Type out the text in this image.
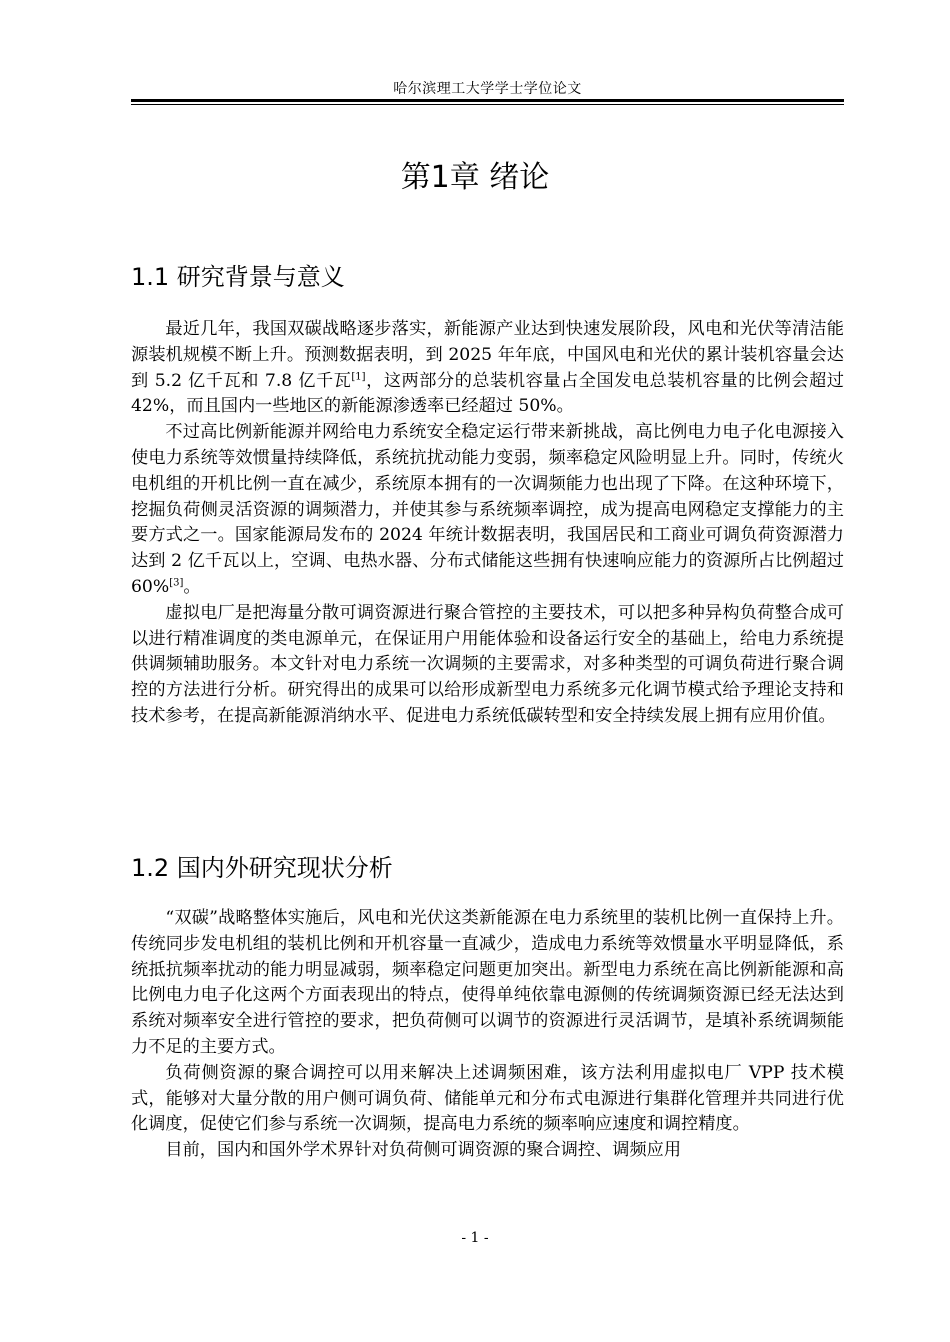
哈尔滨理工大学学士学位论文
第1章 绪论
1.1 研究背景与意义

最近几年，我国双碳战略逐步落实，新能源产业达到快速发展阶段，风电和光伏等清洁能源装机规模不断上升。预测数据表明，到 2025 年年底，中国风电和光伏的累计装机容量会达到 5.2 亿千瓦和 7.8 亿千瓦[1]，这两部分的总装机容量占全国发电总装机容量的比例会超过 42%，而且国内一些地区的新能源渗透率已经超过 50%。

不过高比例新能源并网给电力系统安全稳定运行带来新挑战，高比例电力电子化电源接入使电力系统等效惯量持续降低，系统抗扰动能力变弱，频率稳定风险明显上升。同时，传统火电机组的开机比例一直在减少，系统原本拥有的一次调频能力也出现了下降。在这种环境下，挖掘负荷侧灵活资源的调频潜力，并使其参与系统频率调控，成为提高电网稳定支撑能力的主要方式之一。国家能源局发布的 2024 年统计数据表明，我国居民和工商业可调负荷资源潜力达到 2 亿千瓦以上，空调、电热水器、分布式储能这些拥有快速响应能力的资源所占比例超过 60%[3]。

虚拟电厂是把海量分散可调资源进行聚合管控的主要技术，可以把多种异构负荷整合成可以进行精准调度的类电源单元，在保证用户用能体验和设备运行安全的基础上，给电力系统提供调频辅助服务。本文针对电力系统一次调频的主要需求，对多种类型的可调负荷进行聚合调控的方法进行分析。研究得出的成果可以给形成新型电力系统多元化调节模式给予理论支持和技术参考，在提高新能源消纳水平、促进电力系统低碳转型和安全持续发展上拥有应用价值。

1.2 国内外研究现状分析

“双碳”战略整体实施后，风电和光伏这类新能源在电力系统里的装机比例一直保持上升。传统同步发电机组的装机比例和开机容量一直减少，造成电力系统等效惯量水平明显降低，系统抵抗频率扰动的能力明显减弱，频率稳定问题更加突出。新型电力系统在高比例新能源和高比例电力电子化这两个方面表现出的特点，使得单纯依靠电源侧的传统调频资源已经无法达到系统对频率安全进行管控的要求，把负荷侧可以调节的资源进行灵活调节，是填补系统调频能力不足的主要方式。

负荷侧资源的聚合调控可以用来解决上述调频困难，该方法利用虚拟电厂 VPP 技术模式，能够对大量分散的用户侧可调负荷、储能单元和分布式电源进行集群化管理并共同进行优化调度，促使它们参与系统一次调频，提高电力系统的频率响应速度和调控精度。

目前，国内和国外学术界针对负荷侧可调资源的聚合调控、调频应用

- 1 -
